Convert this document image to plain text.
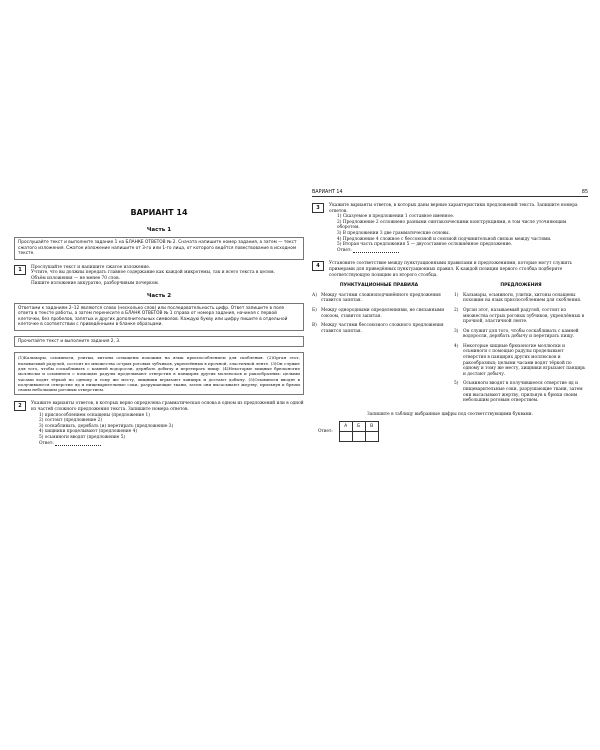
ВАРИАНТ 14
Часть 1
Прослушайте текст и выполните задание 1 на БЛАНКЕ ОТВЕТОВ № 2. Сначата напишите номер задания, а затем — текст сжатого изложения. Сжатое изложение напишите от 3-го или 1-го лица, от которого ведётся повествование в исходном тексте.
1	Прослушайте текст и напишите сжатое изложение.
Учтите, что вы должны передать главное содержание как каждой микротемы, так и всего текста в целом.
Объём изложения — не менее 70 слов.
Пишите изложение аккуратно, разборчивым почерком.
Часть 2
Ответами к заданиям 2–12 являются слово (несколько слов) или последовательность цифр. Ответ запишите в поле ответа в тексте работы, а затем перенесите в БЛАНК ОТВЕТОВ № 1 справа от номера задания, начиная с первой клеточки, без пробелов, запятых и других дополнительных символов. Каждую букву или цифру пишите в отдельной клеточке в соответствии с приведёнными в бланке образцами.
Прочитайте текст и выполните задания 2, 3.
(1)Кальмары, осьминоги, улитки, хитоны оснащены похожим на язык приспособлением для скобления. (2)Орган этот, называемый радулой, состоит из множества острых роговых зубчиков, укреплённых в прочной, эластичной ленте. (3)Он служит для того, чтобы соскабливать с камней водоросли, дерябать добычу и перетирать пищу. (4)Некоторые хищные брюхоногие моллюски и осьминоги с помощью радулы проделывают отверстия в панцирях других моллюсков и ракообразных: целыми часами водят тёркой по одному и тому же месту, хищники вгрызают ханцирь и достают добычу. (5)Осьминоги вводят в получившееся отверстие яд и пищеварительные соки, разрушающие ткани, затем они высасывают жертву, прильнув к брюхи своим небольшим роговым отверстием.
2	Укажите варианты ответов, в которых верно определена грамматическая основа в одном из предложений или в одной из частей сложного предложения текста. Запишите номера ответов.
1) приспособлением оснащены (предложение 1)
2) состоит (предложение 2)
3) соскабливать, дерябать (и) перетирать (предложение 3)
4) хищники проделывают (предложение 4)
5) осьминоги вводят (предложение 5)
Ответ:
ВАРИАНТ 14	85
3	Укажите варианты ответов, в которых даны верные характеристики предложений текста. Запишите номера ответов.
1) Сказуемое в предложении 1 составное именное.
2) Предложение 2 осложнено разными синтаксическими конструкциями, в том числе уточняющим оборотом.
3) В предложении 3 две грамматические основы.
4) Предложение 4 сложное с бессоюзной и союзной подчинительной связью между частями.
5) Вторая часть предложения 5 — двусоставное осложнённое предложение.
Ответ:
4	Установите соответствие между пунктуационными правилами и предложениями, которые могут служить примерами для приведённых пунктуационных правил. К каждой позиции первого столбца подберите соответствующую позицию из второго столбца.
ПУНКТУАЦИОННЫЕ ПРАВИЛА
А) Между частями сложноподчинённого предложения ставится запятая.
Б) Между однородными определениями, не связанными союзом, ставится запятая.
В) Между частями бессоюзного сложного предложения ставится запятая.
ПРЕДЛОЖЕНИЯ
1)	Кальмары, осьминоги, улитки, хитоны оснащены похожим на язык приспособлением для скобления.
2)	Орган этот, называемый радулой, состоит из множества острых роговых зубчиков, укреплённых в прочной, эластичной ленте.
3)	Он служит для того, чтобы соскабливать с камней водоросли, дерябать добычу и перетирать пищу.
4)	Некоторые хищные брюхоногие моллюски и осьминоги с помощью радулы проделывают отверстия в панцирях других моллюсков и ракообразных; целыми часами водят тёркой по одному и тому же месту, хищники вгрызают панцирь и достают добычу.
5)	Осьминоги вводят в получившееся отверстие яд и пищеварительные соки, разрушающие ткани, затем они высасывают жертву, прильнув к брюхи своим небольшим роговым отверстием.
Запишите в таблицу выбранные цифры под соответствующими буквами.
Ответ:
А	Б	В
